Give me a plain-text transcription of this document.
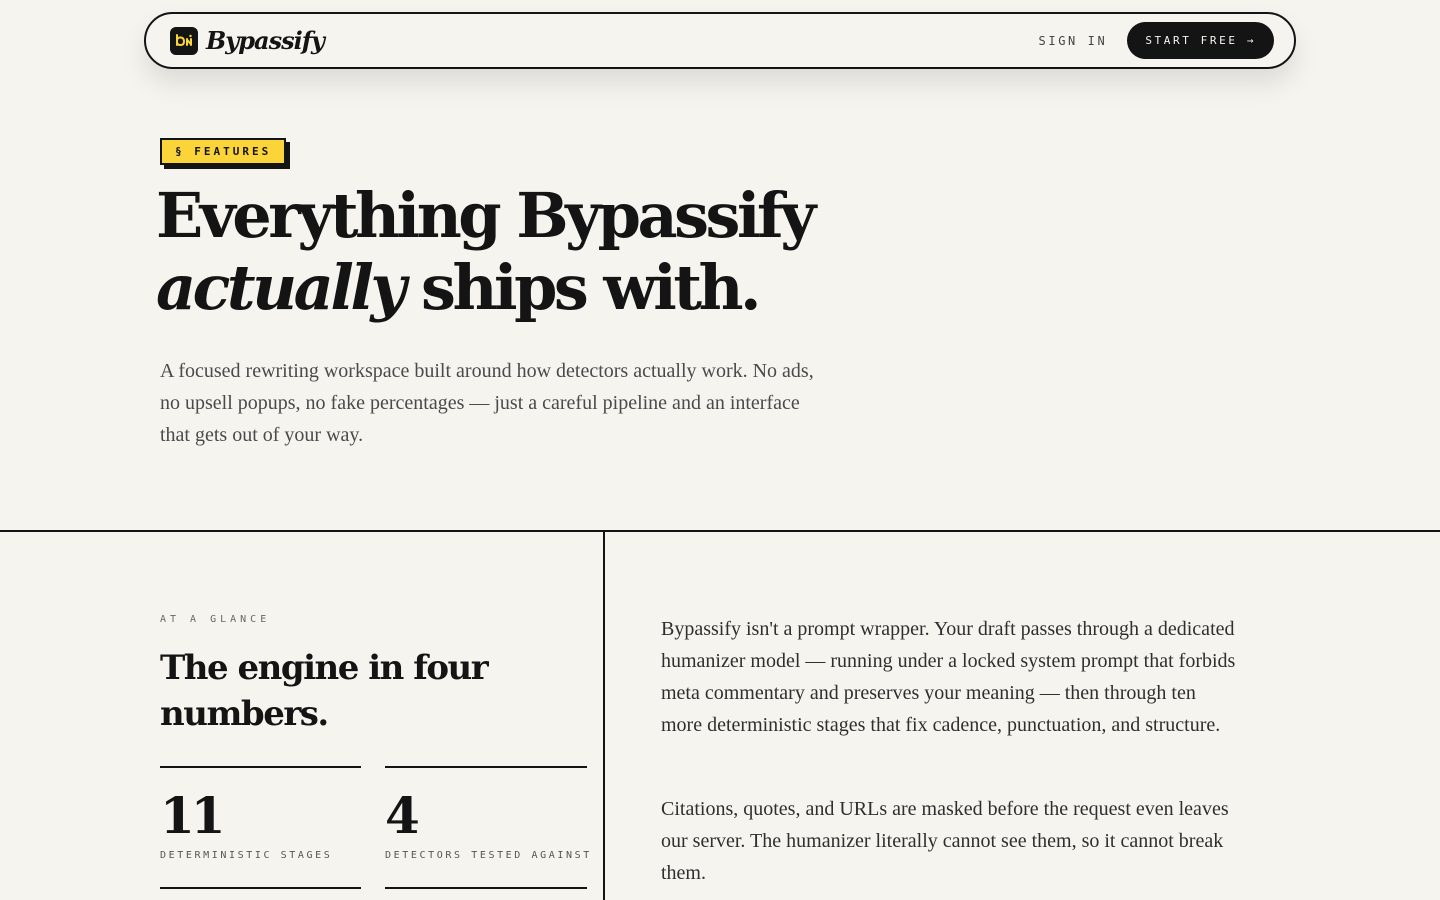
Bypassify	SIGN IN	START FREE →
§ FEATURES
Everything Bypassify
actually ships with.

A focused rewriting workspace built around how detectors actually work. No ads, no upsell popups, no fake percentages — just a careful pipeline and an interface that gets out of your way.

AT A GLANCE
The engine in four numbers.
11
DETERMINISTIC STAGES
4
DETECTORS TESTED AGAINST

Bypassify isn't a prompt wrapper. Your draft passes through a dedicated humanizer model — running under a locked system prompt that forbids meta commentary and preserves your meaning — then through ten more deterministic stages that fix cadence, punctuation, and structure.

Citations, quotes, and URLs are masked before the request even leaves our server. The humanizer literally cannot see them, so it cannot break them.
